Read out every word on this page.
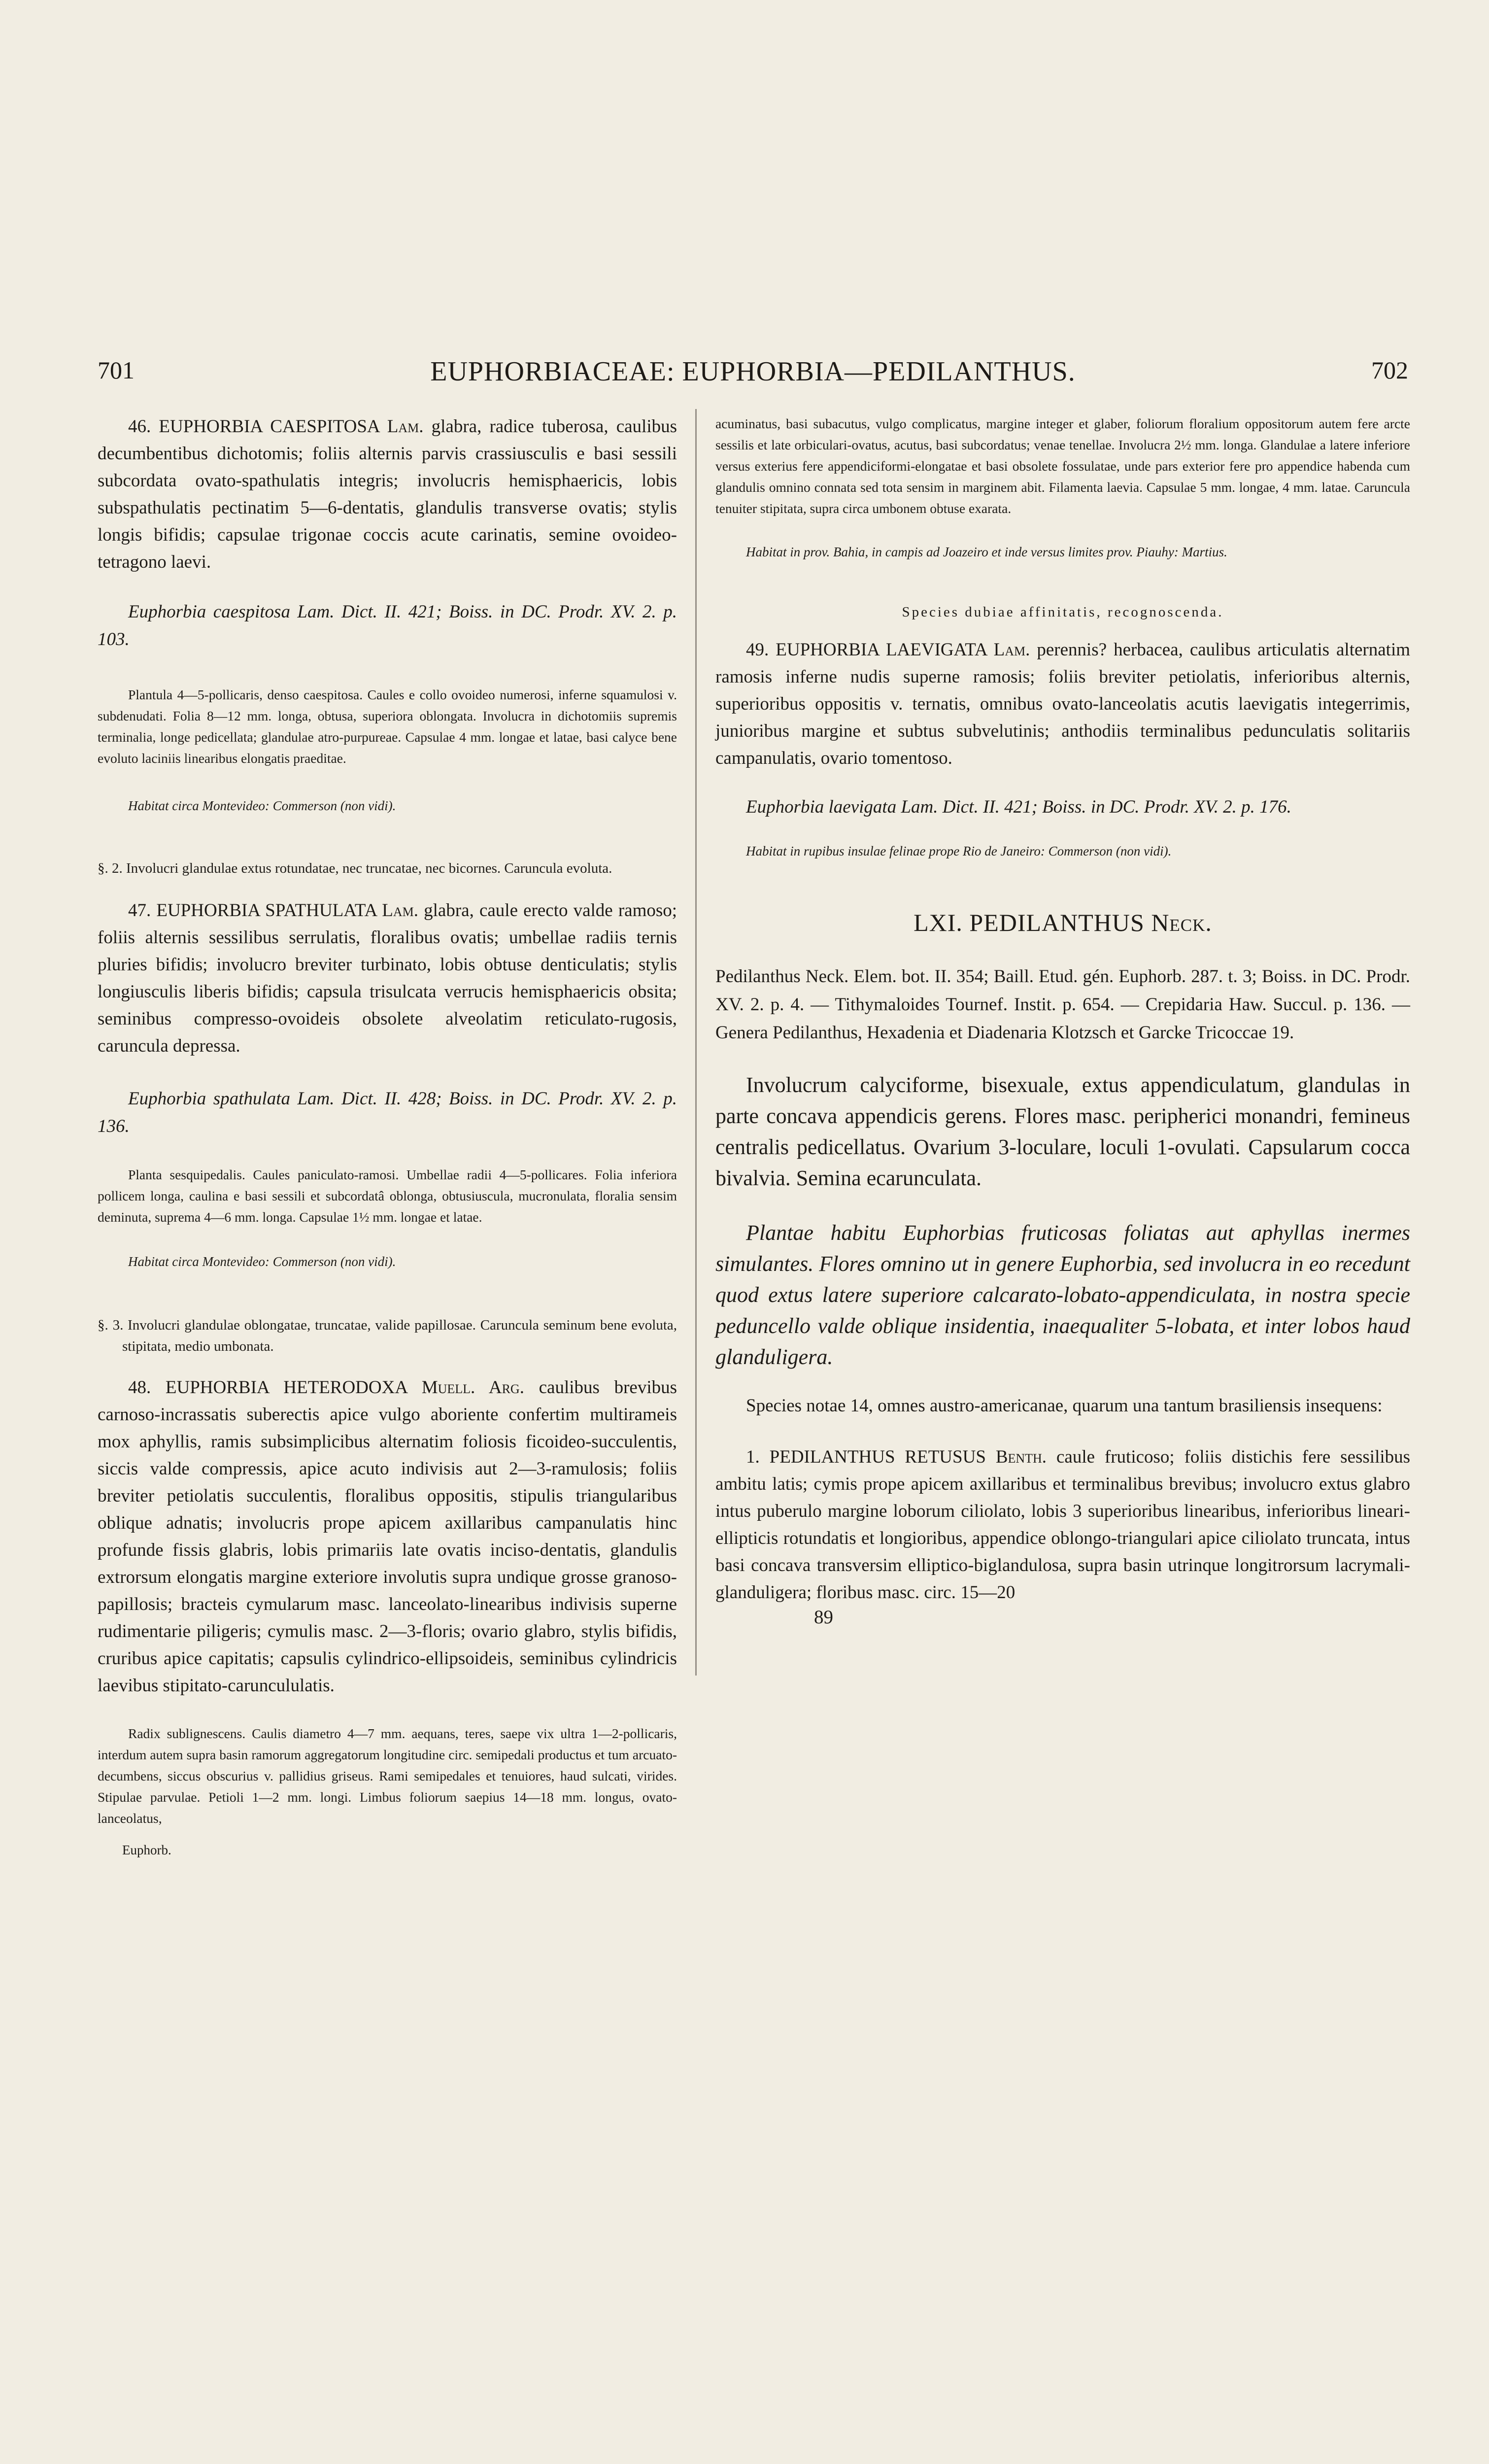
701	EUPHORBIACEAE: EUPHORBIA—PEDILANTHUS.	702

46. EUPHORBIA CAESPITOSA Lam. glabra, radice tuberosa, caulibus decumbentibus dichotomis; foliis alternis parvis crassiusculis e basi sessili subcordata ovato-spathulatis integris; involucris hemisphaericis, lobis subspathulatis pectinatim 5—6-dentatis, glandulis transverse ovatis; stylis longis bifidis; capsulae trigonae coccis acute carinatis, semine ovoideo-tetragono laevi.

Euphorbia caespitosa Lam. Dict. II. 421; Boiss. in DC. Prodr. XV. 2. p. 103.

Plantula 4—5-pollicaris, denso caespitosa. Caules e collo ovoideo numerosi, inferne squamulosi v. subdenudati. Folia 8—12 mm. longa, obtusa, superiora oblongata. Involucra in dichotomiis supremis terminalia, longe pedicellata; glandulae atro-purpureae. Capsulae 4 mm. longae et latae, basi calyce bene evoluto laciniis linearibus elongatis praeditae.

Habitat circa Montevideo: Commerson (non vidi).

§. 2. Involucri glandulae extus rotundatae, nec truncatae, nec bicornes. Caruncula evoluta.

47. EUPHORBIA SPATHULATA Lam. glabra, caule erecto valde ramoso; foliis alternis sessilibus serrulatis, floralibus ovatis; umbellae radiis ternis pluries bifidis; involucro breviter turbinato, lobis obtuse denticulatis; stylis longiusculis liberis bifidis; capsula trisulcata verrucis hemisphaericis obsita; seminibus compresso-ovoideis obsolete alveolatim reticulato-rugosis, caruncula depressa.

Euphorbia spathulata Lam. Dict. II. 428; Boiss. in DC. Prodr. XV. 2. p. 136.

Planta sesquipedalis. Caules paniculato-ramosi. Umbellae radii 4—5-pollicares. Folia inferiora pollicem longa, caulina e basi sessili et subcordatâ oblonga, obtusiuscula, mucronulata, floralia sensim deminuta, suprema 4—6 mm. longa. Capsulae 1½ mm. longae et latae.

Habitat circa Montevideo: Commerson (non vidi).

§. 3. Involucri glandulae oblongatae, truncatae, valide papillosae. Caruncula seminum bene evoluta, stipitata, medio umbonata.

48. EUPHORBIA HETERODOXA Muell. Arg. caulibus brevibus carnoso-incrassatis suberectis apice vulgo aboriente confertim multirameis mox aphyllis, ramis subsimplicibus alternatim foliosis ficoideo-succulentis, siccis valde compressis, apice acuto indivisis aut 2—3-ramulosis; foliis breviter petiolatis succulentis, floralibus oppositis, stipulis triangularibus oblique adnatis; involucris prope apicem axillaribus campanulatis hinc profunde fissis glabris, lobis primariis late ovatis inciso-dentatis, glandulis extrorsum elongatis margine exteriore involutis supra undique grosse granoso-papillosis; bracteis cymularum masc. lanceolato-linearibus indivisis superne rudimentarie piligeris; cymulis masc. 2—3-floris; ovario glabro, stylis bifidis, cruribus apice capitatis; capsulis cylindrico-ellipsoideis, seminibus cylindricis laevibus stipitato-caruncululatis.

Radix sublignescens. Caulis diametro 4—7 mm. aequans, teres, saepe vix ultra 1—2-pollicaris, interdum autem supra basin ramorum aggregatorum longitudine circ. semipedali productus et tum arcuato-decumbens, siccus obscurius v. pallidius griseus. Rami semipedales et tenuiores, haud sulcati, virides. Stipulae parvulae. Petioli 1—2 mm. longi. Limbus foliorum saepius 14—18 mm. longus, ovato-lanceolatus,

Euphorb.

acuminatus, basi subacutus, vulgo complicatus, margine integer et glaber, foliorum floralium oppositorum autem fere arcte sessilis et late orbiculari-ovatus, acutus, basi subcordatus; venae tenellae. Involucra 2½ mm. longa. Glandulae a latere inferiore versus exterius fere appendiciformi-elongatae et basi obsolete fossulatae, unde pars exterior fere pro appendice habenda cum glandulis omnino connata sed tota sensim in marginem abit. Filamenta laevia. Capsulae 5 mm. longae, 4 mm. latae. Caruncula tenuiter stipitata, supra circa umbonem obtuse exarata.

Habitat in prov. Bahia, in campis ad Joazeiro et inde versus limites prov. Piauhy: Martius.

Species dubiae affinitatis, recognoscenda.

49. EUPHORBIA LAEVIGATA Lam. perennis? herbacea, caulibus articulatis alternatim ramosis inferne nudis superne ramosis; foliis breviter petiolatis, inferioribus alternis, superioribus oppositis v. ternatis, omnibus ovato-lanceolatis acutis laevigatis integerrimis, junioribus margine et subtus subvelutinis; anthodiis terminalibus pedunculatis solitariis campanulatis, ovario tomentoso.

Euphorbia laevigata Lam. Dict. II. 421; Boiss. in DC. Prodr. XV. 2. p. 176.

Habitat in rupibus insulae felinae prope Rio de Janeiro: Commerson (non vidi).

LXI. PEDILANTHUS Neck.

Pedilanthus Neck. Elem. bot. II. 354; Baill. Etud. gén. Euphorb. 287. t. 3; Boiss. in DC. Prodr. XV. 2. p. 4. — Tithymaloides Tournef. Instit. p. 654. — Crepidaria Haw. Succul. p. 136. — Genera Pedilanthus, Hexadenia et Diadenaria Klotzsch et Garcke Tricoccae 19.

Involucrum calyciforme, bisexuale, extus appendiculatum, glandulas in parte concava appendicis gerens. Flores masc. peripherici monandri, femineus centralis pedicellatus. Ovarium 3-loculare, loculi 1-ovulati. Capsularum cocca bivalvia. Semina ecarunculata.

Plantae habitu Euphorbias fruticosas foliatas aut aphyllas inermes simulantes. Flores omnino ut in genere Euphorbia, sed involucra in eo recedunt quod extus latere superiore calcarato-lobato-appendiculata, in nostra specie peduncello valde oblique insidentia, inaequaliter 5-lobata, et inter lobos haud glanduligera.

Species notae 14, omnes austro-americanae, quarum una tantum brasiliensis insequens:

1. PEDILANTHUS RETUSUS Benth. caule fruticoso; foliis distichis fere sessilibus ambitu latis; cymis prope apicem axillaribus et terminalibus brevibus; involucro extus glabro intus puberulo margine loborum ciliolato, lobis 3 superioribus linearibus, inferioribus lineari-ellipticis rotundatis et longioribus, appendice oblongo-triangulari apice ciliolato truncata, intus basi concava transversim elliptico-biglandulosa, supra basin utrinque longitrorsum lacrymali-glanduligera; floribus masc. circ. 15—20

89
